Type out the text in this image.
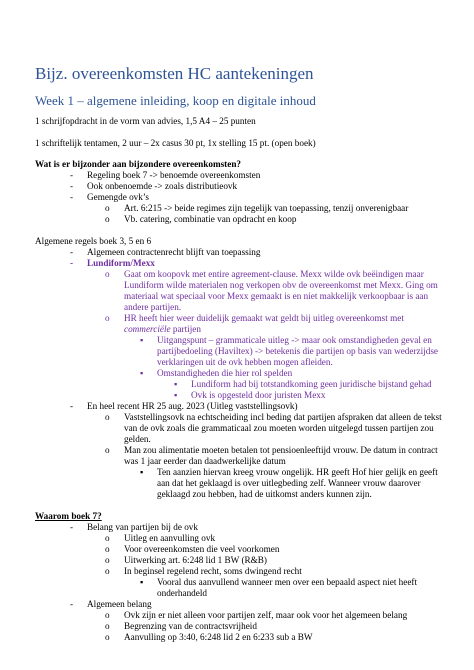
Bijz. overeenkomsten HC aantekeningen
Week 1 – algemene inleiding, koop en digitale inhoud
1 schrijfopdracht in de vorm van advies, 1,5 A4 – 25 punten
1 schriftelijk tentamen, 2 uur – 2x casus 30 pt, 1x stelling 15 pt. (open boek)
Wat is er bijzonder aan bijzondere overeenkomsten?
- Regeling boek 7 -> benoemde overeenkomsten
- Ook onbenoemde -> zoals distributieovk
- Gemengde ovk’s
o Art. 6:215 -> beide regimes zijn tegelijk van toepassing, tenzij onverenigbaar
o Vb. catering, combinatie van opdracht en koop
Algemene regels boek 3, 5 en 6
- Algemeen contractenrecht blijft van toepassing
- Lundiform/Mexx
o Gaat om koopovk met entire agreement-clause. Mexx wilde ovk beëindigen maar
Lundiform wilde materialen nog verkopen obv de overeenkomst met Mexx. Ging om
materiaal wat speciaal voor Mexx gemaakt is en niet makkelijk verkoopbaar is aan
andere partijen.
o HR heeft hier weer duidelijk gemaakt wat geldt bij uitleg overeenkomst met
commerciële partijen
▪ Uitgangspunt – grammaticale uitleg -> maar ook omstandigheden geval en
partijbedoeling (Haviltex) -> betekenis die partijen op basis van wederzijdse
verklaringen uit de ovk hebben mogen afleiden.
▪ Omstandigheden die hier rol spelden
▪ Lundiform had bij totstandkoming geen juridische bijstand gehad
▪ Ovk is opgesteld door juristen Mexx
- En heel recent HR 25 aug. 2023 (Uitleg vaststellingsovk)
o Vaststellingsovk na echtscheiding incl beding dat partijen afspraken dat alleen de tekst
van de ovk zoals die grammaticaal zou moeten worden uitgelegd tussen partijen zou
gelden.
o Man zou alimentatie moeten betalen tot pensioenleeftijd vrouw. De datum in contract
was 1 jaar eerder dan daadwerkelijke datum
▪ Ten aanzien hiervan kreeg vrouw ongelijk. HR geeft Hof hier gelijk en geeft
aan dat het geklaagd is over uitlegbeding zelf. Wanneer vrouw daarover
geklaagd zou hebben, had de uitkomst anders kunnen zijn.
Waarom boek 7?
- Belang van partijen bij de ovk
o Uitleg en aanvulling ovk
o Voor overeenkomsten die veel voorkomen
o Uitwerking art. 6:248 lid 1 BW (R&B)
o In beginsel regelend recht, soms dwingend recht
▪ Vooral dus aanvullend wanneer men over een bepaald aspect niet heeft
onderhandeld
- Algemeen belang
o Ovk zijn er niet alleen voor partijen zelf, maar ook voor het algemeen belang
o Begrenzing van de contractsvrijheid
o Aanvulling op 3:40, 6:248 lid 2 en 6:233 sub a BW
